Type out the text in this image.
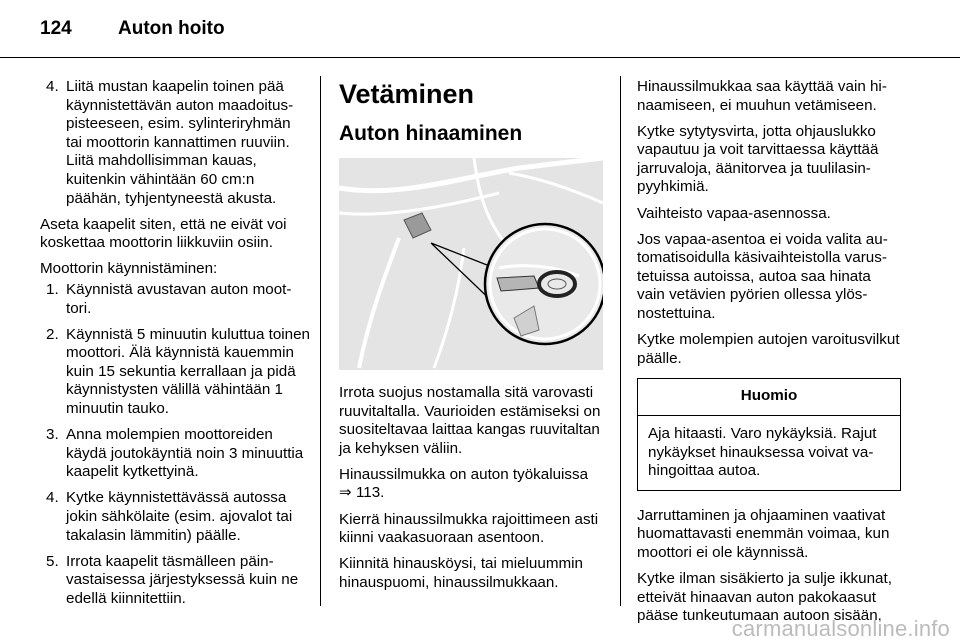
124 Auton hoito
4. Liitä mustan kaapelin toinen pää käynnistettävän auton maadoituspisteeseen, esim. sylinteriryhmän tai moottorin kannattimen ruuviin. Liitä mahdollisimman kauas, kuitenkin vähintään 60 cm:n päähän, tyhjentyneestä akusta.

Aseta kaapelit siten, että ne eivät voi koskettaa moottorin liikkuviin osiin.

Moottorin käynnistäminen:

1. Käynnistä avustavan auton moottori.
2. Käynnistä 5 minuutin kuluttua toinen moottori. Älä käynnistä kauemmin kuin 15 sekuntia kerrallaan ja pidä käynnistysten välillä vähintään 1 minuutin tauko.
3. Anna molempien moottoreiden käydä joutokäyntiä noin 3 minuuttia kaapelit kytkettyinä.
4. Kytke käynnistettävässä autossa jokin sähkölaite (esim. ajovalot tai takalasin lämmitin) päälle.
5. Irrota kaapelit täsmälleen päinvastaisessa järjestyksessä kuin ne edellä kiinnitettiin.
Vetäminen
Auton hinaaminen

Irrota suojus nostamalla sitä varovasti ruuvitaltalla. Vaurioiden estämiseksi on suositeltavaa laittaa kangas ruuvitaltan ja kehyksen väliin.

Hinaussilmukka on auton työkaluissa ⇒ 113.

Kierrä hinaussilmukka rajoittimeen asti kiinni vaakasuoraan asentoon.

Kiinnitä hinausköysi, tai mieluummin hinauspuomi, hinaussilmukkaan.

Hinaussilmukkaa saa käyttää vain hinaamiseen, ei muuhun vetämiseen.

Kytke sytytysvirta, jotta ohjauslukko vapautuu ja voit tarvittaessa käyttää jarruvaloja, äänitorvea ja tuulilasinpyyhkimiä.

Vaihteisto vapaa-asennossa.

Jos vapaa-asentoa ei voida valita automatisoidulla käsivaihteistolla varustetuissa autoissa, autoa saa hinata vain vetävien pyörien ollessa ylösnostettuina.

Kytke molempien autojen varoitusvilkut päälle.

Huomio
Aja hitaasti. Varo nykäyksiä. Rajut nykäykset hinauksessa voivat vahingoittaa autoa.

Jarruttaminen ja ohjaaminen vaativat huomattavasti enemmän voimaa, kun moottori ei ole käynnissä.

Kytke ilman sisäkierto ja sulje ikkunat, etteivät hinaavan auton pakokaasut pääse tunkeutumaan autoon sisään.

carmanualsonline.info
